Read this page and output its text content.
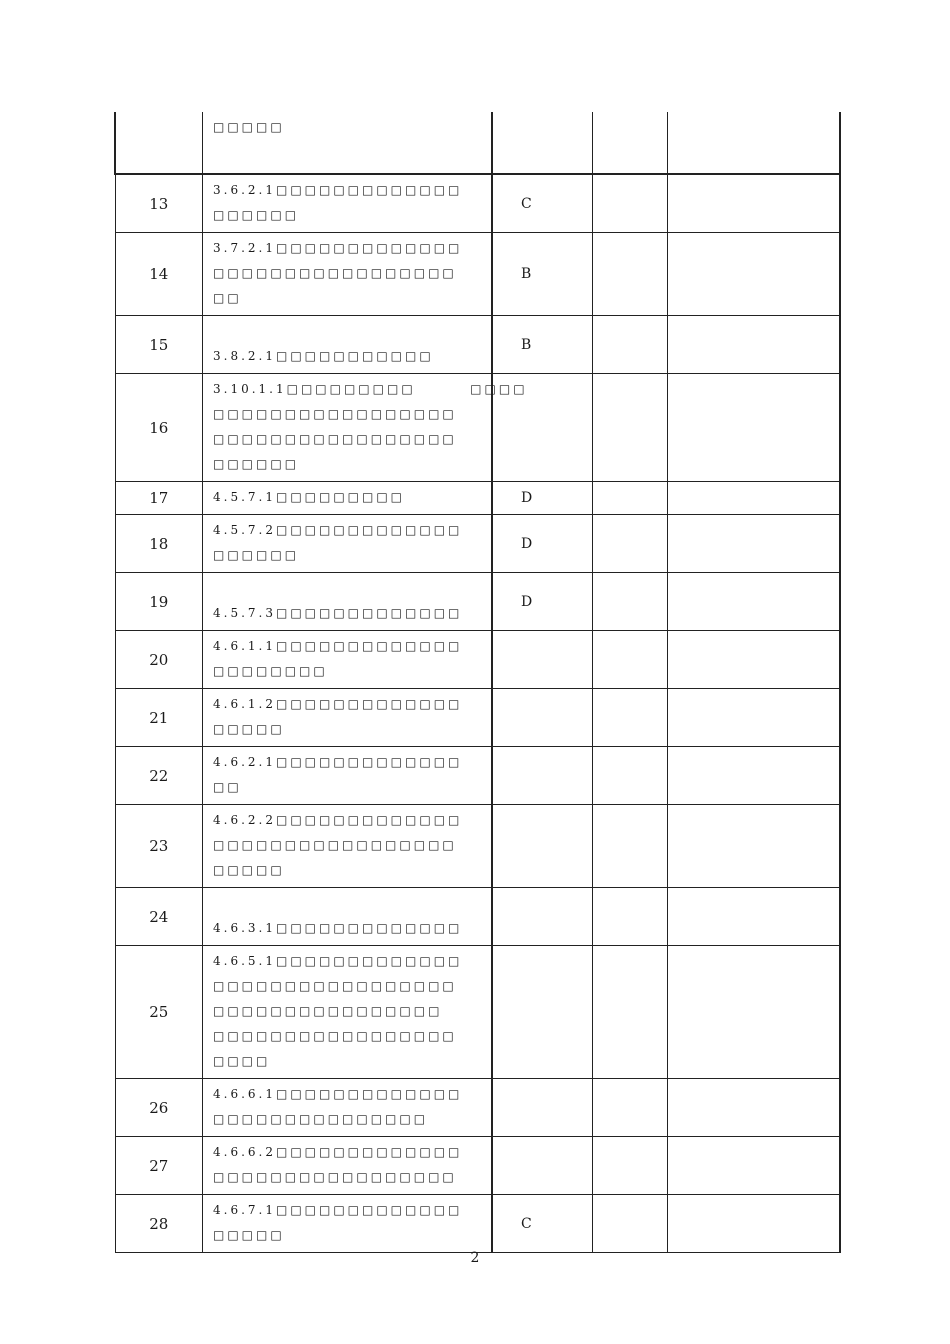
	□□□□□			

13	3.6.2.1□□□□□□□□□□□□□
□□□□□□	C		
14	3.7.2.1□□□□□□□□□□□□□
□□□□□□□□□□□□□□□□□
□□	B		
15	3.8.2.1□□□□□□□□□□□	B		
16	3.10.1.1□□□□□□□□□        □□□□
□□□□□□□□□□□□□□□□□
□□□□□□□□□□□□□□□□□
□□□□□□			

17	4.5.7.1□□□□□□□□□	D		
18	4.5.7.2□□□□□□□□□□□□□
□□□□□□	D		
19	4.5.7.3□□□□□□□□□□□□□	D		
20	4.6.1.1□□□□□□□□□□□□□
□□□□□□□□			

21	4.6.1.2□□□□□□□□□□□□□
□□□□□			

22	4.6.2.1□□□□□□□□□□□□□
□□			

23	4.6.2.2□□□□□□□□□□□□□
□□□□□□□□□□□□□□□□□
□□□□□			

24	4.6.3.1□□□□□□□□□□□□□			

25	4.6.5.1□□□□□□□□□□□□□
□□□□□□□□□□□□□□□□□
□□□□□□□□□□□□□□□□
□□□□□□□□□□□□□□□□□
□□□□			

26	4.6.6.1□□□□□□□□□□□□□
□□□□□□□□□□□□□□□			

27	4.6.6.2□□□□□□□□□□□□□
□□□□□□□□□□□□□□□□□			

28	4.6.7.1□□□□□□□□□□□□□
□□□□□	C		
2
